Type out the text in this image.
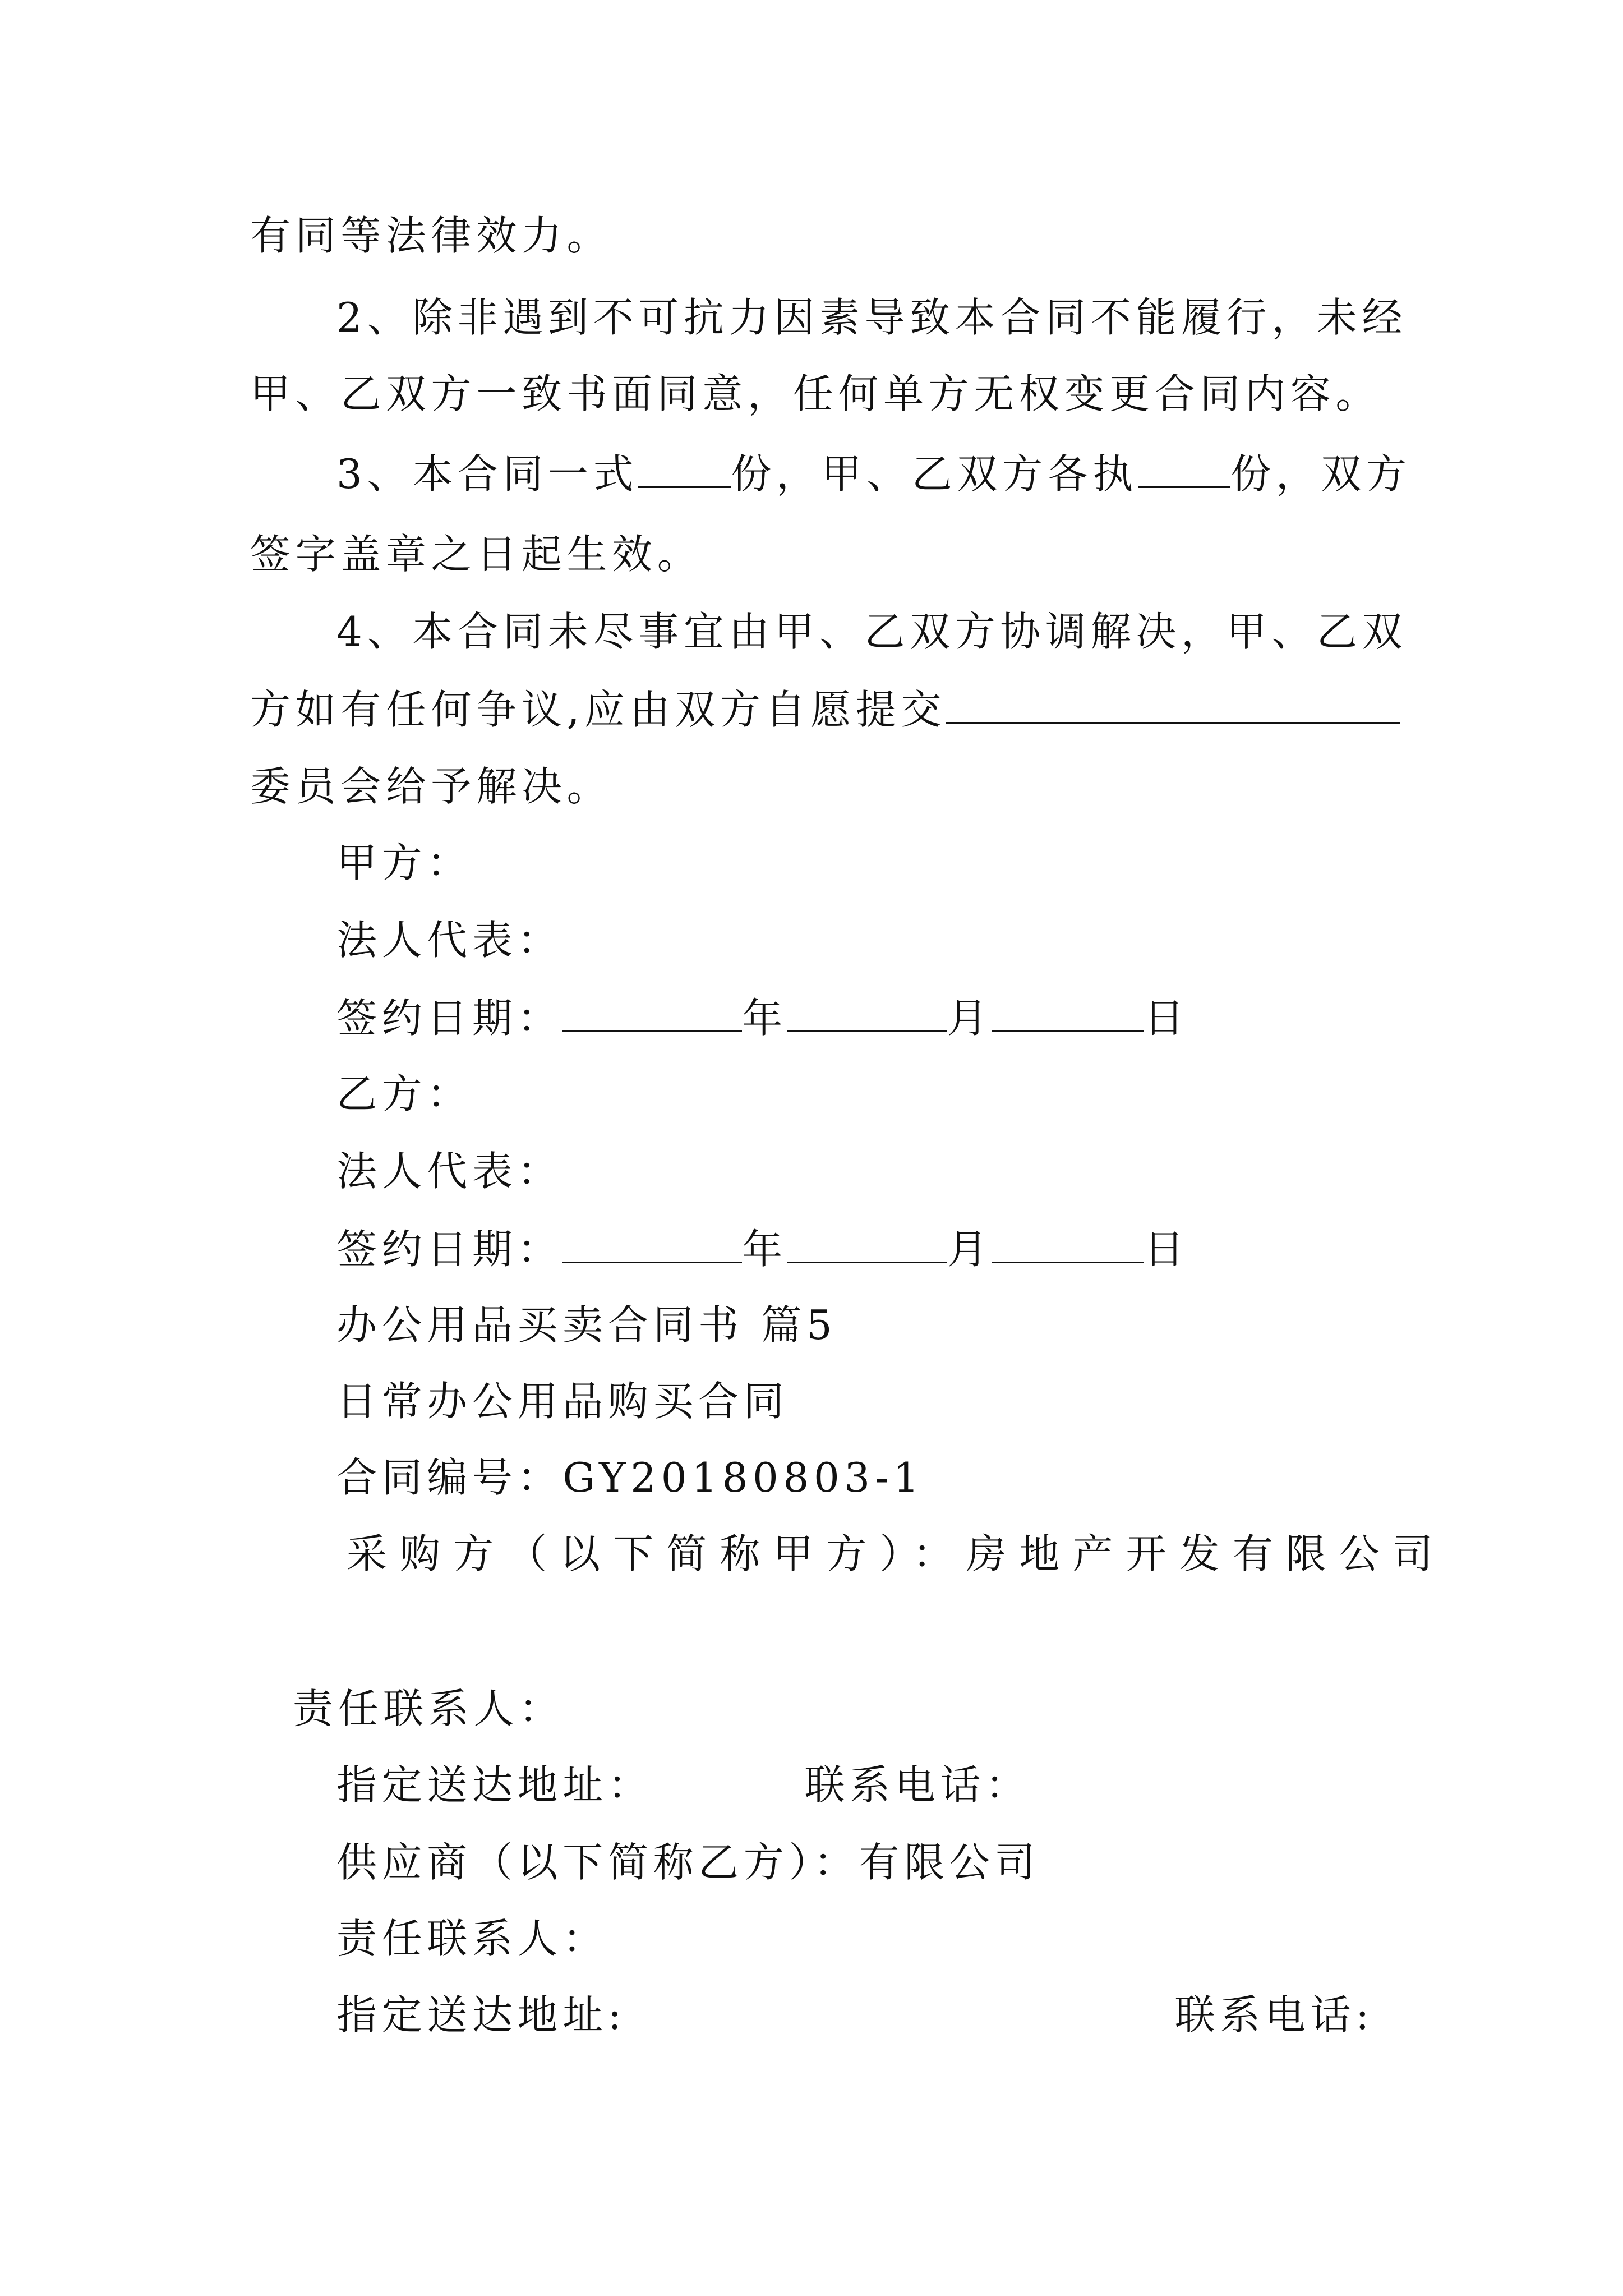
有同等法律效力。
2、除非遇到不可抗力因素导致本合同不能履行，未经
甲、乙双方一致书面同意，任何单方无权变更合同内容。
3、本合同一式 份，甲、乙双方各执 份，双方
签字盖章之日起生效。
4、本合同未尽事宜由甲、乙双方协调解决，甲、乙双
方如有任何争议,应由双方自愿提交
委员会给予解决。
甲方：
法人代表：
签约日期：	年	月	日
乙方：
法人代表：
签约日期：	年	月	日
办公用品买卖合同书 篇5
日常办公用品购买合同
合同编号：GY20180803-1
采购方（以下简称甲方）：房地产开发有限公司
责任联系人：
指定送达地址：	联系电话：
供应商（以下简称乙方）：有限公司
责任联系人：
指定送达地址:	联系电话:
